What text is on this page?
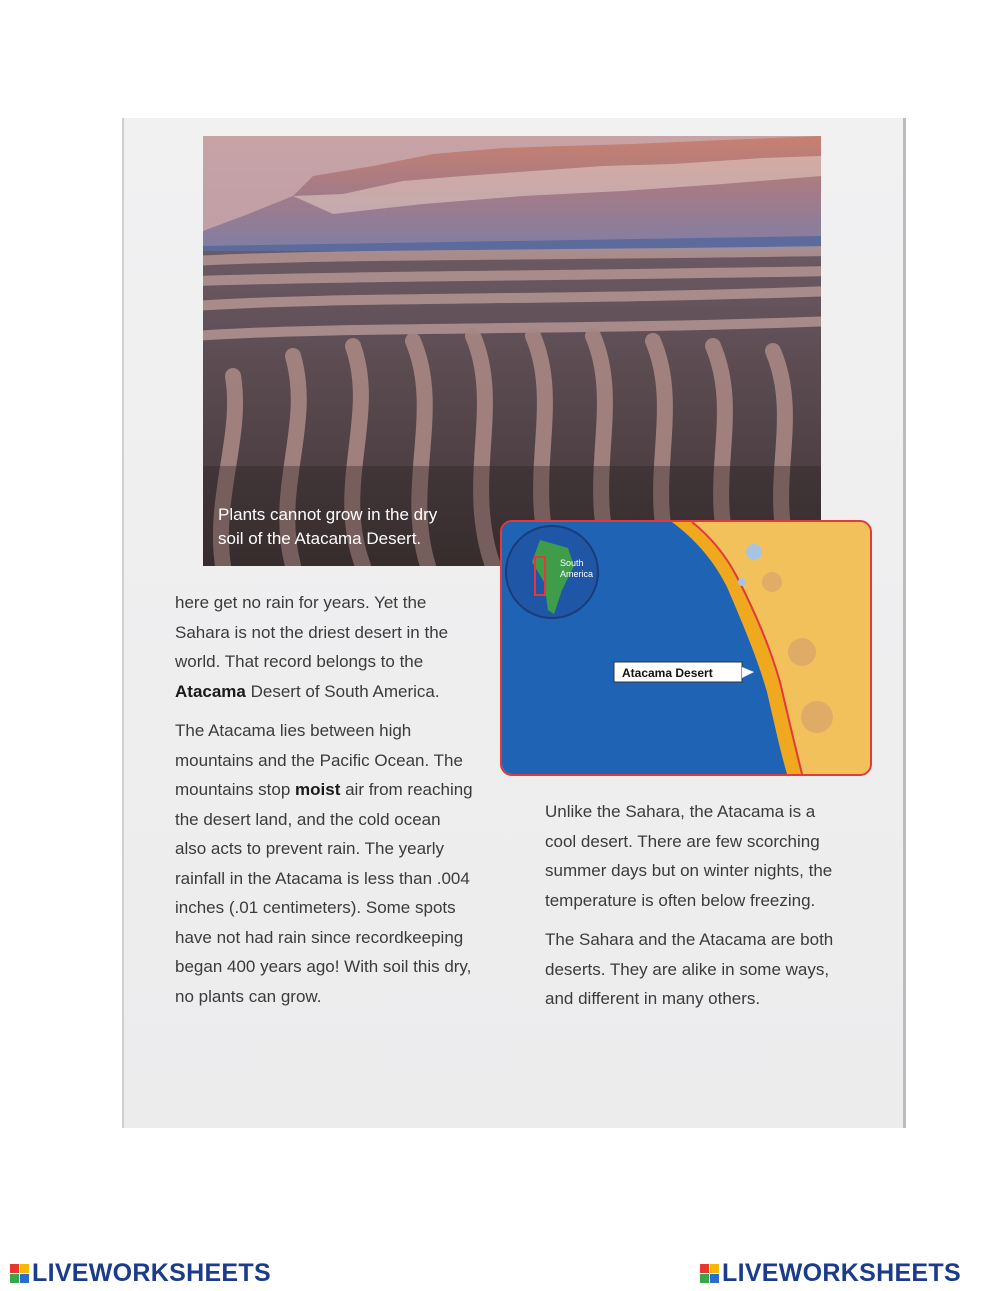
Plants cannot grow in the dry
soil of the Atacama Desert.
South
America
Atacama Desert

here get no rain for years. Yet the Sahara is not the driest desert in the world. That record belongs to the Atacama Desert of South America.

The Atacama lies between high mountains and the Pacific Ocean. The mountains stop moist air from reaching the desert land, and the cold ocean also acts to prevent rain. The yearly rainfall in the Atacama is less than .004 inches (.01 centimeters). Some spots have not had rain since recordkeeping began 400 years ago! With soil this dry, no plants can grow.

Unlike the Sahara, the Atacama is a cool desert. There are few scorching summer days but on winter nights, the temperature is often below freezing.

The Sahara and the Atacama are both deserts. They are alike in some ways, and different in many others.

LIVEWORKSHEETS	LIVEWORKSHEETS
